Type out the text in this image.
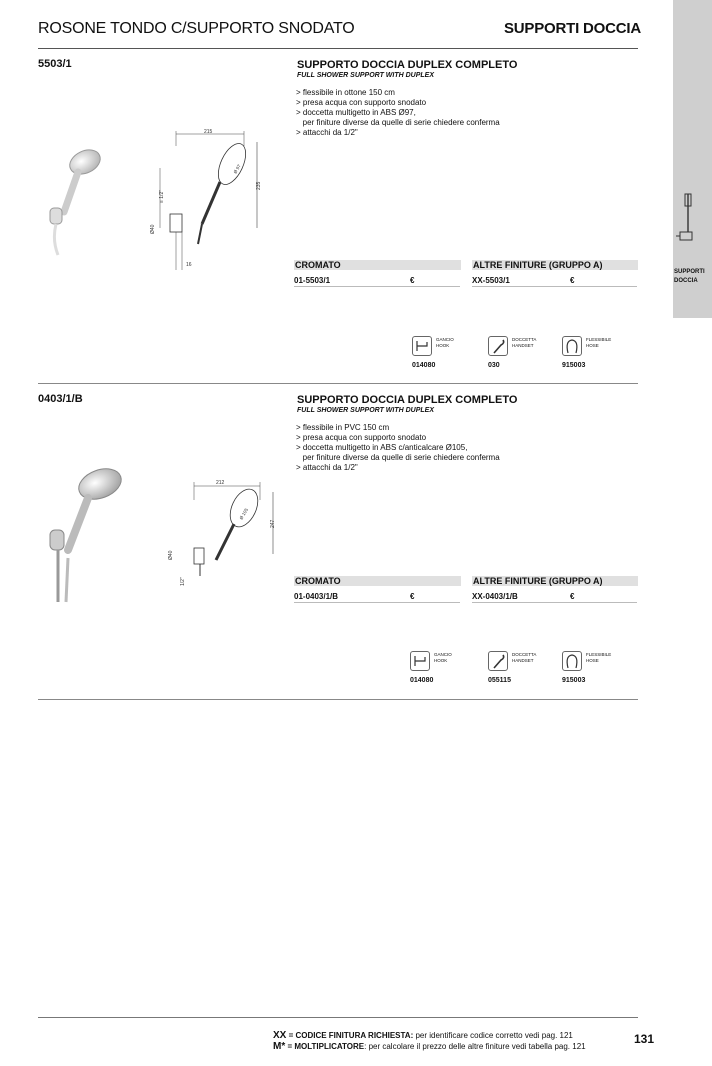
ROSONE TONDO C/SUPPORTO SNODATO	SUPPORTI DOCCIA
SUPPORTI
DOCCIA
5503/1	SUPPORTO DOCCIA DUPLEX COMPLETO
FULL SHOWER SUPPORT WITH DUPLEX
> flessibile in ottone 150 cm
> presa acqua con supporto snodato
> doccetta multigetto in ABS Ø97,
per finiture diverse da quelle di serie chiedere conferma
> attacchi da 1/2"
215
235
Ø 97
≡ 1/2"
Ø40
16	CROMATO	ALTRE FINITURE (GRUPPO A)
01-5503/1	€	XX-5503/1	€
GANCIO
HOOK
014080
DOCCETTA
HANDSET
030
FLESSIBILE
HOSE
915003
0403/1/B	SUPPORTO DOCCIA DUPLEX COMPLETO
FULL SHOWER SUPPORT WITH DUPLEX
> flessibile in PVC 150 cm
> presa acqua con supporto snodato
> doccetta multigetto in ABS c/anticalcare Ø105,
per finiture diverse da quelle di serie chiedere conferma
> attacchi da 1/2"
212
247
Ø 105
Ø40
1/2"	CROMATO	ALTRE FINITURE (GRUPPO A)
01-0403/1/B	€	XX-0403/1/B	€
GANCIO
HOOK
014080
DOCCETTA
HANDSET
055115
FLESSIBILE
HOSE
915003
XX = CODICE FINITURA RICHIESTA: per identificare codice corretto vedi pag. 121
M* = MOLTIPLICATORE: per calcolare il prezzo delle altre finiture vedi tabella pag. 121
131
